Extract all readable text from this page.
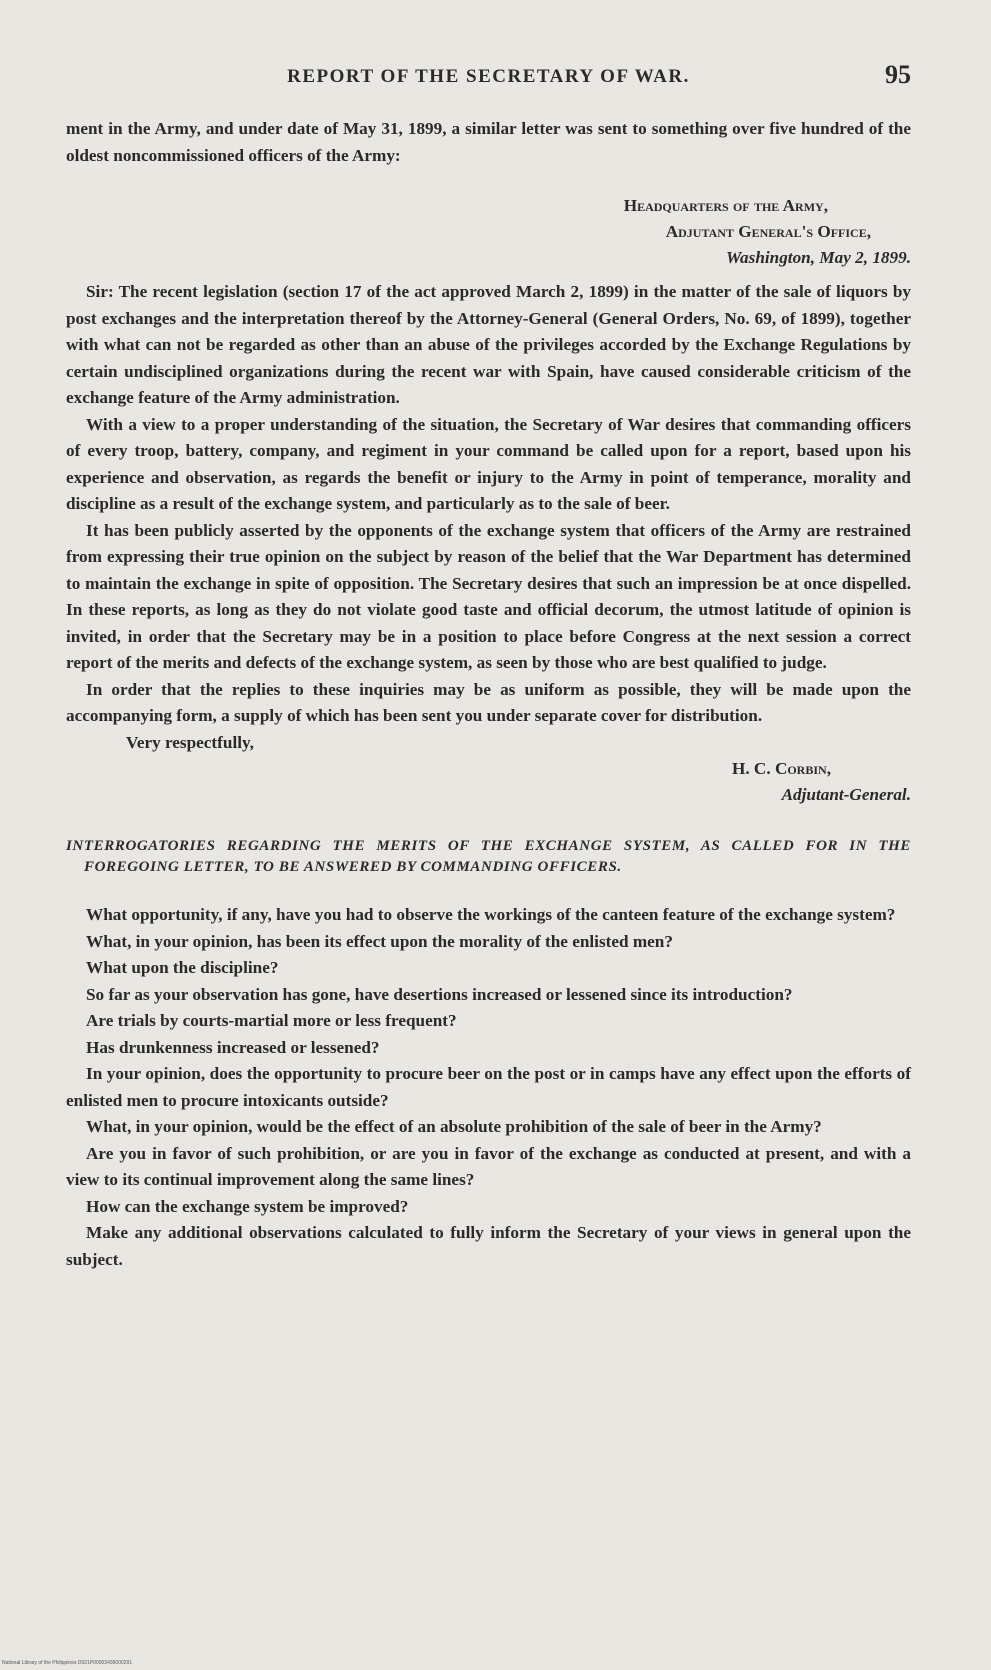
REPORT OF THE SECRETARY OF WAR.	95

ment in the Army, and under date of May 31, 1899, a similar letter was sent to something over five hundred of the oldest noncommissioned officers of the Army:

Headquarters of the Army,
Adjutant General's Office,
Washington, May 2, 1899.

Sir: The recent legislation (section 17 of the act approved March 2, 1899) in the matter of the sale of liquors by post exchanges and the interpretation thereof by the Attorney-General (General Orders, No. 69, of 1899), together with what can not be regarded as other than an abuse of the privileges accorded by the Exchange Regulations by certain undisciplined organizations during the recent war with Spain, have caused considerable criticism of the exchange feature of the Army administration.

With a view to a proper understanding of the situation, the Secretary of War desires that commanding officers of every troop, battery, company, and regiment in your command be called upon for a report, based upon his experience and observation, as regards the benefit or injury to the Army in point of temperance, morality and discipline as a result of the exchange system, and particularly as to the sale of beer.

It has been publicly asserted by the opponents of the exchange system that officers of the Army are restrained from expressing their true opinion on the subject by reason of the belief that the War Department has determined to maintain the exchange in spite of opposition. The Secretary desires that such an impression be at once dispelled. In these reports, as long as they do not violate good taste and official decorum, the utmost latitude of opinion is invited, in order that the Secretary may be in a position to place before Congress at the next session a correct report of the merits and defects of the exchange system, as seen by those who are best qualified to judge.

In order that the replies to these inquiries may be as uniform as possible, they will be made upon the accompanying form, a supply of which has been sent you under separate cover for distribution.

Very respectfully,

H. C. Corbin,
Adjutant-General.

INTERROGATORIES REGARDING THE MERITS OF THE EXCHANGE SYSTEM, AS CALLED FOR IN THE FOREGOING LETTER, TO BE ANSWERED BY COMMANDING OFFICERS.

What opportunity, if any, have you had to observe the workings of the canteen feature of the exchange system?

What, in your opinion, has been its effect upon the morality of the enlisted men?

What upon the discipline?

So far as your observation has gone, have desertions increased or lessened since its introduction?

Are trials by courts-martial more or less frequent?

Has drunkenness increased or lessened?

In your opinion, does the opportunity to procure beer on the post or in camps have any effect upon the efforts of enlisted men to procure intoxicants outside?

What, in your opinion, would be the effect of an absolute prohibition of the sale of beer in the Army?

Are you in favor of such prohibition, or are you in favor of the exchange as conducted at present, and with a view to its continual improvement along the same lines?

How can the exchange system be improved?

Make any additional observations calculated to fully inform the Secretary of your views in general upon the subject.

National Library of the Philippines D021P00003436000291
